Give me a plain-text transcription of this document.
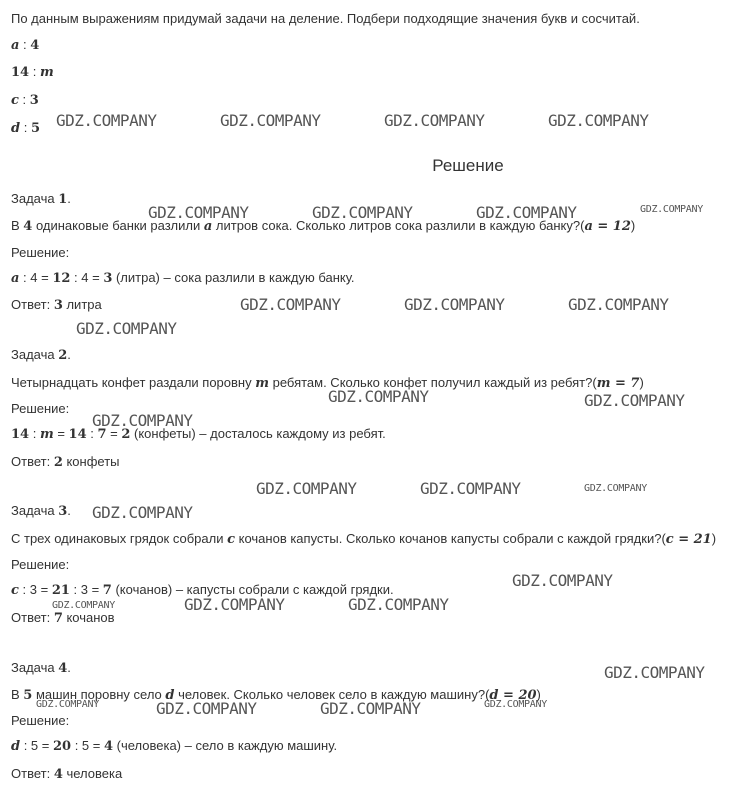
По данным выражениям придумай задачи на деление. Подбери подходящие значения букв и сосчитай.
a : 4
14 : m
c : 3
d : 5
Решение
Задача 1.
В 4 одинаковые банки разлили a литров сока. Сколько литров сока разлили в каждую банку?(a = 12)
Решение:
a : 4 = 12 : 4 = 3 (литра) – сока разлили в каждую банку.
Ответ: 3 литра
Задача 2.
Четырнадцать конфет раздали поровну m ребятам. Сколько конфет получил каждый из ребят?(m = 7)
Решение:
14 : m = 14 : 7 = 2 (конфеты) – досталось каждому из ребят.
Ответ: 2 конфеты
Задача 3.
С трех одинаковых грядок собрали c кочанов капусты. Сколько кочанов капусты собрали с каждой грядки?(c = 21)
Решение:
c : 3 = 21 : 3 = 7 (кочанов) – капусты собрали с каждой грядки.
Ответ: 7 кочанов
Задача 4.
В 5 машин поровну село d человек. Сколько человек село в каждую машину?(d = 20)
Решение:
d : 5 = 20 : 5 = 4 (человека) – село в каждую машину.
Ответ: 4 человека
GDZ.COMPANY	GDZ.COMPANY	GDZ.COMPANY	GDZ.COMPANY
GDZ.COMPANY	GDZ.COMPANY	GDZ.COMPANY	GDZ.COMPANY
GDZ.COMPANY	GDZ.COMPANY	GDZ.COMPANY
GDZ.COMPANY
GDZ.COMPANY	GDZ.COMPANY
GDZ.COMPANY
GDZ.COMPANY	GDZ.COMPANY	GDZ.COMPANY
GDZ.COMPANY
GDZ.COMPANY
GDZ.COMPANY	GDZ.COMPANY	GDZ.COMPANY
GDZ.COMPANY
GDZ.COMPANY	GDZ.COMPANY	GDZ.COMPANY	GDZ.COMPANY
